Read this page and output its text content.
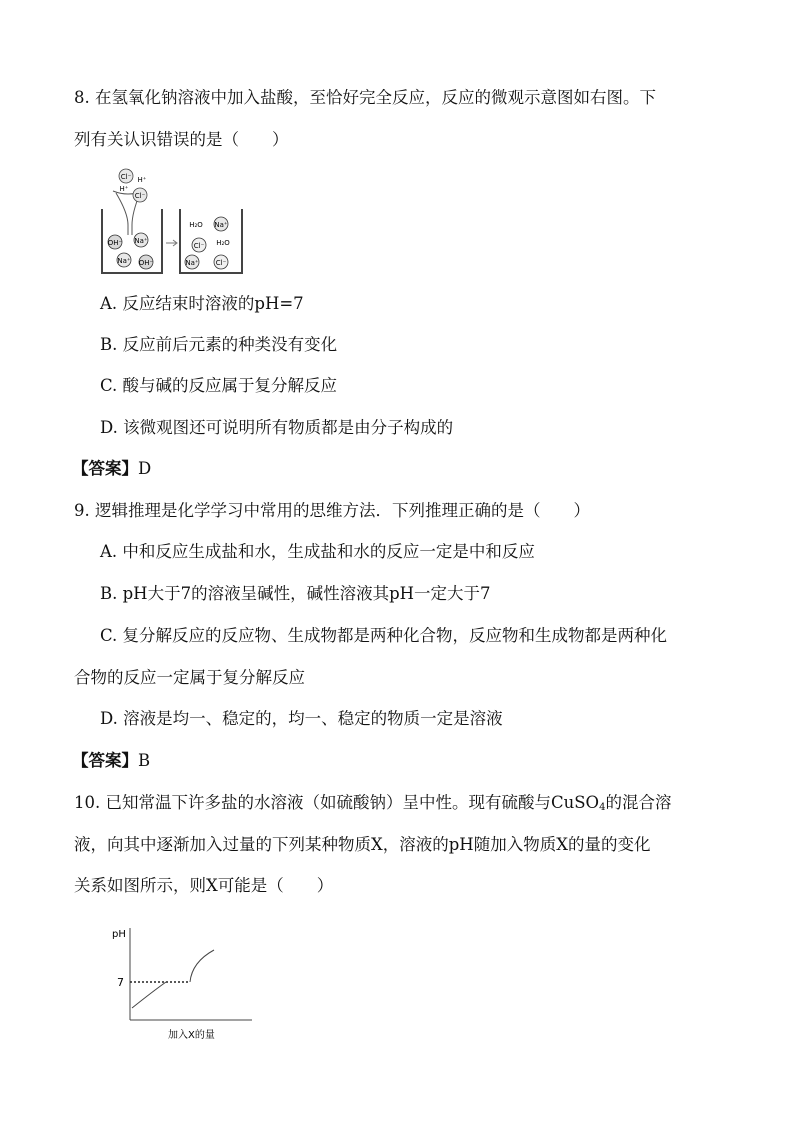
8. 在氢氧化钠溶液中加入盐酸，至恰好完全反应，反应的微观示意图如右图。下
列有关认识错误的是（　　）
Cl⁻ H⁺
H⁺
Cl⁻
OH⁻ Na⁺
Na⁺ OH⁻
H₂O Na⁺
Cl⁻ H₂O
Na⁺ Cl⁻
A. 反应结束时溶液的pH=7
B. 反应前后元素的种类没有变化
C. 酸与碱的反应属于复分解反应
D. 该微观图还可说明所有物质都是由分子构成的
【答案】D
9. 逻辑推理是化学学习中常用的思维方法．下列推理正确的是（　　）
A. 中和反应生成盐和水，生成盐和水的反应一定是中和反应
B. pH大于7的溶液呈碱性，碱性溶液其pH一定大于7
C. 复分解反应的反应物、生成物都是两种化合物，反应物和生成物都是两种化
合物的反应一定属于复分解反应
D. 溶液是均一、稳定的，均一、稳定的物质一定是溶液
【答案】B
10. 已知常温下许多盐的水溶液（如硫酸钠）呈中性。现有硫酸与CuSO$_4$的混合溶
液，向其中逐渐加入过量的下列某种物质X，溶液的pH随加入物质X的量的变化
关系如图所示，则X可能是（　　）
pH
7
加入X的量
